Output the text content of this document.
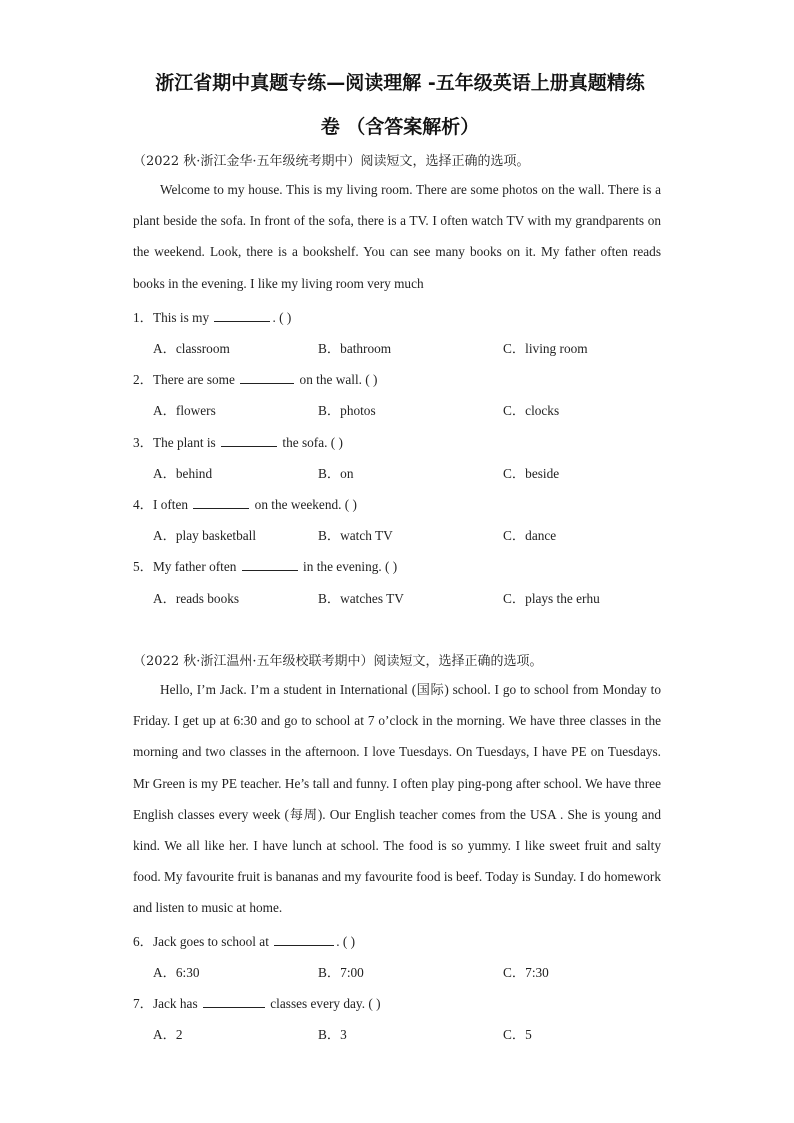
浙江省期中真题专练—阅读理解 -五年级英语上册真题精练
卷 （含答案解析）
（2022 秋·浙江金华·五年级统考期中）阅读短文，选择正确的选项。
Welcome to my house. This is my living room. There are some photos on the wall. There is a plant beside the sofa. In front of the sofa, there is a TV. I often watch TV with my grandparents on the weekend. Look, there is a bookshelf. You can see many books on it. My father often reads books in the evening. I like my living room very much
1．This is my	. ( )
A．classroom	B．bathroom	C．living room
2．There are some	on the wall. ( )
A．flowers	B．photos	C．clocks
3．The plant is	the sofa. ( )
A．behind	B．on	C．beside
4．I often	on the weekend. ( )
A．play basketball	B．watch TV	C．dance
5．My father often	in the evening. ( )
A．reads books	B．watches TV	C．plays the erhu
（2022 秋·浙江温州·五年级校联考期中）阅读短文，选择正确的选项。
Hello, I’m Jack. I’m a student in International (国际) school. I go to school from Monday to Friday. I get up at 6:30 and go to school at 7 o’clock in the morning. We have three classes in the morning and two classes in the afternoon. I love Tuesdays. On Tuesdays, I have PE on Tuesdays. Mr Green is my PE teacher. He’s tall and funny. I often play ping-pong after school. We have three English classes every week (每周). Our English teacher comes from the USA . She is young and kind. We all like her. I have lunch at school. The food is so yummy. I like sweet fruit and salty food. My favourite fruit is bananas and my favourite food is beef. Today is Sunday. I do homework and listen to music at home.
6．Jack goes to school at	. ( )
A．6:30	B．7:00	C．7:30
7．Jack has	classes every day. ( )
A．2	B．3	C．5
